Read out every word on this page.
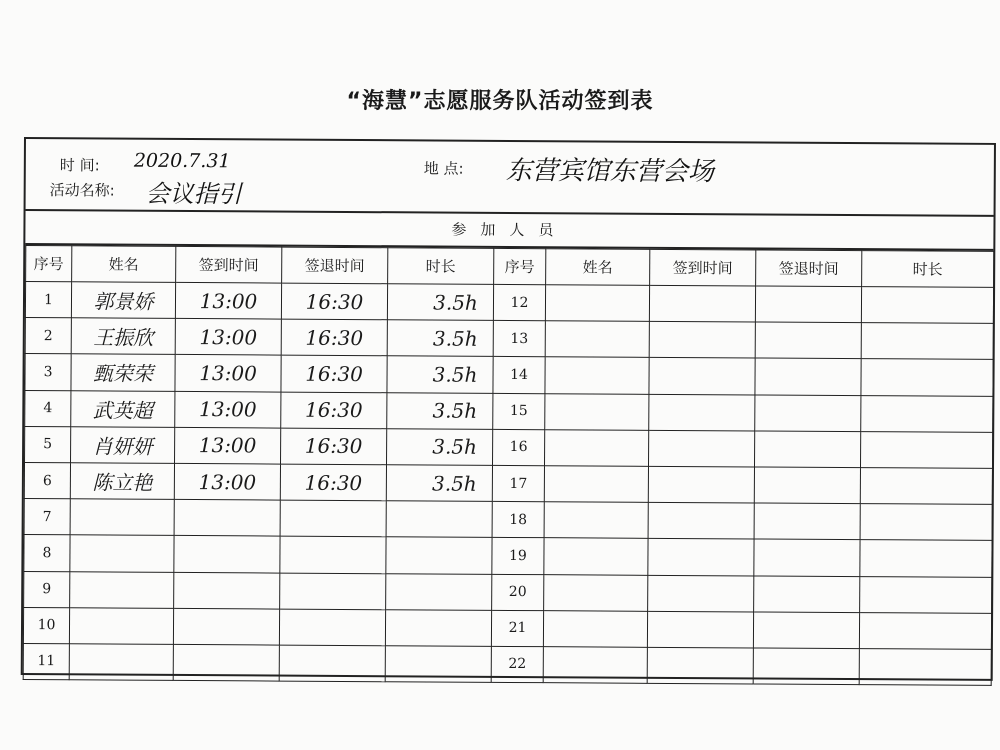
“海慧”志愿服务队活动签到表
时 间: 2020.7.31
活动名称: 会议指引
地 点: 东营宾馆东营会场
参加人员
序号	姓名	签到时间	签退时间	时长	序号	姓名	签到时间	签退时间	时长
1	郭景娇	13:00	16:30	3.5h	12				
2	王振欣	13:00	16:30	3.5h	13				
3	甄荣荣	13:00	16:30	3.5h	14				
4	武英超	13:00	16:30	3.5h	15				
5	肖妍妍	13:00	16:30	3.5h	16				
6	陈立艳	13:00	16:30	3.5h	17				
7					18				
8					19				
9					20				
10					21				
11					22				
